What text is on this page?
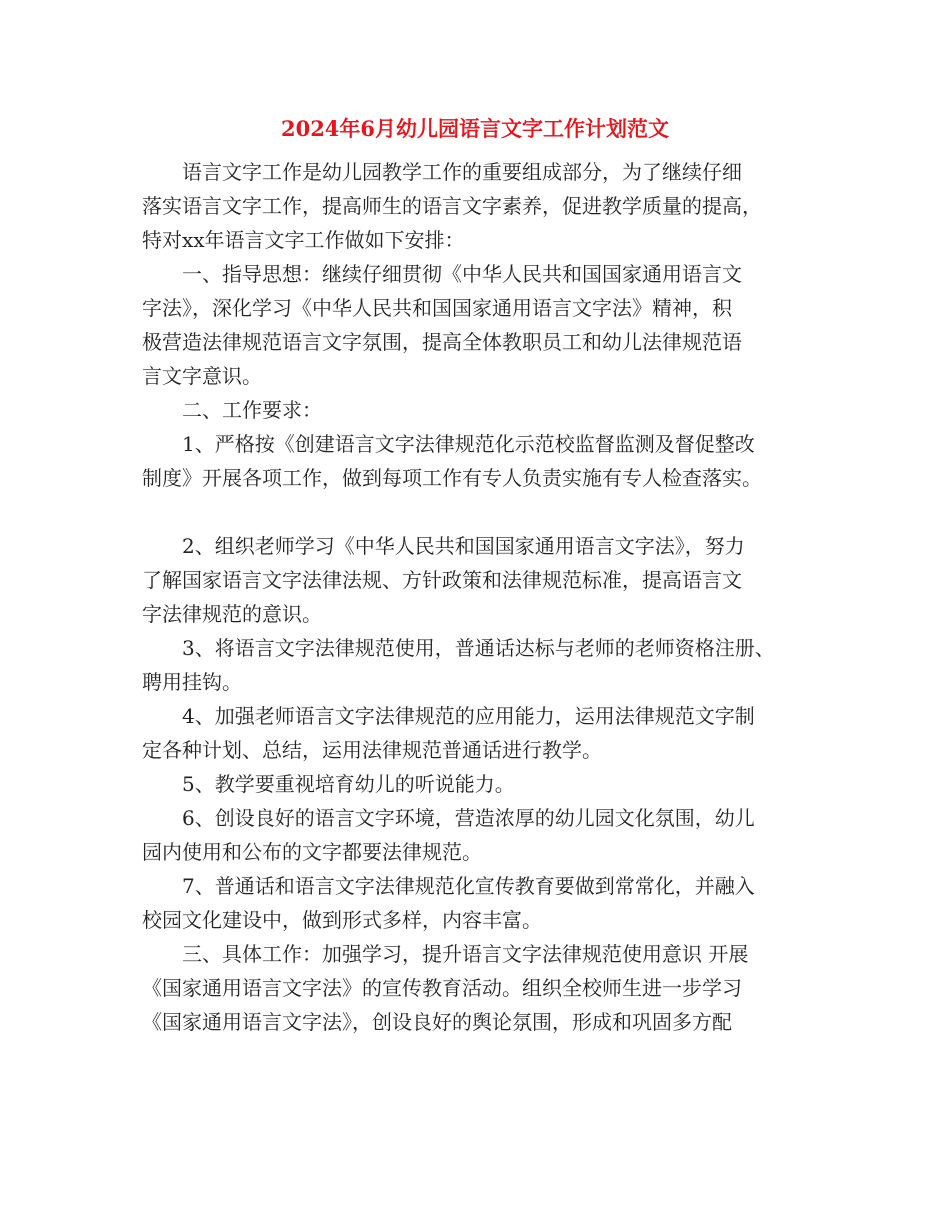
2024年6月幼儿园语言文字工作计划范文
语言文字工作是幼儿园教学工作的重要组成部分，为了继续仔细
落实语言文字工作，提高师生的语言文字素养，促进教学质量的提高，
特对xx年语言文字工作做如下安排：
一、指导思想：继续仔细贯彻《中华人民共和国国家通用语言文
字法》，深化学习《中华人民共和国国家通用语言文字法》精神，积
极营造法律规范语言文字氛围，提高全体教职员工和幼儿法律规范语
言文字意识。
二、工作要求：
1、严格按《创建语言文字法律规范化示范校监督监测及督促整改
制度》开展各项工作，做到每项工作有专人负责实施有专人检查落实。
2、组织老师学习《中华人民共和国国家通用语言文字法》，努力
了解国家语言文字法律法规、方针政策和法律规范标准，提高语言文
字法律规范的意识。
3、将语言文字法律规范使用，普通话达标与老师的老师资格注册、
聘用挂钩。
4、加强老师语言文字法律规范的应用能力，运用法律规范文字制
定各种计划、总结，运用法律规范普通话进行教学。
5、教学要重视培育幼儿的听说能力。
6、创设良好的语言文字环境，营造浓厚的幼儿园文化氛围，幼儿
园内使用和公布的文字都要法律规范。
7、普通话和语言文字法律规范化宣传教育要做到常常化，并融入
校园文化建设中，做到形式多样，内容丰富。
三、具体工作：加强学习，提升语言文字法律规范使用意识 开展
《国家通用语言文字法》的宣传教育活动。组织全校师生进一步学习
《国家通用语言文字法》，创设良好的舆论氛围，形成和巩固多方配
